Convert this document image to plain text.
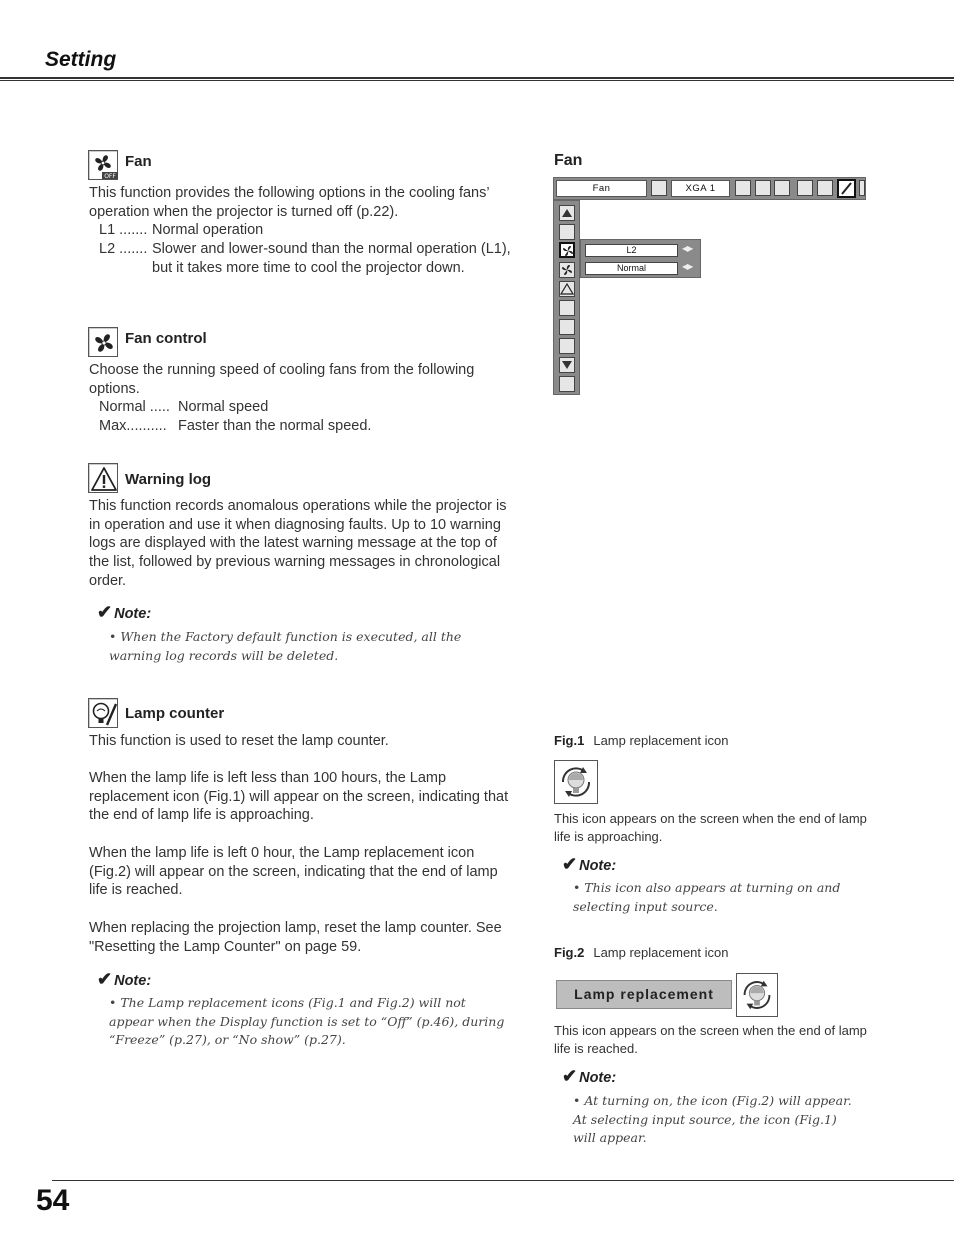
Setting
OFF
Fan
This function provides the following options in the cooling fans’ operation when the projector is turned off (p.22).
L1 ....... Normal operation
L2 ....... Slower and lower-sound than the normal operation (L1), but it takes more time to cool the projector down.
Fan control
Choose the running speed of cooling fans from the following options.
Normal ..... Normal speed
Max.......... Faster than the normal speed.
Warning log
This function records anomalous operations while the projector is in operation and use it when diagnosing faults. Up to 10 warning logs are displayed with the latest warning message at the top of the list, followed by previous warning messages in chronological order.
✔ Note:
• When the Factory default function is executed, all the warning log records will be deleted.
Lamp counter
This function is used to reset the lamp counter.
When the lamp life is left less than 100 hours, the Lamp replacement icon (Fig.1) will appear on the screen, indicating that the end of lamp life is approaching.
When the lamp life is left 0 hour, the Lamp replacement icon (Fig.2) will appear on the screen, indicating that the end of lamp life is reached.
When replacing the projection lamp, reset the lamp counter. See "Resetting the Lamp Counter" on page 59.
✔ Note:
• The Lamp replacement icons (Fig.1 and Fig.2) will not appear when the Display function is set to “Off” (p.46), during “Freeze” (p.27), or “No show” (p.27).
Fan
Fan	XGA 1
L2	◀▶
Normal	◀▶
Fig.1 Lamp replacement icon
This icon appears on the screen when the end of lamp life is approaching.
✔ Note:
• This icon also appears at turning on and selecting input source.
Fig.2 Lamp replacement icon
Lamp replacement
This icon appears on the screen when the end of lamp life is reached.
✔ Note:
• At turning on, the icon (Fig.2) will appear. At selecting input source, the icon (Fig.1) will appear.
54
